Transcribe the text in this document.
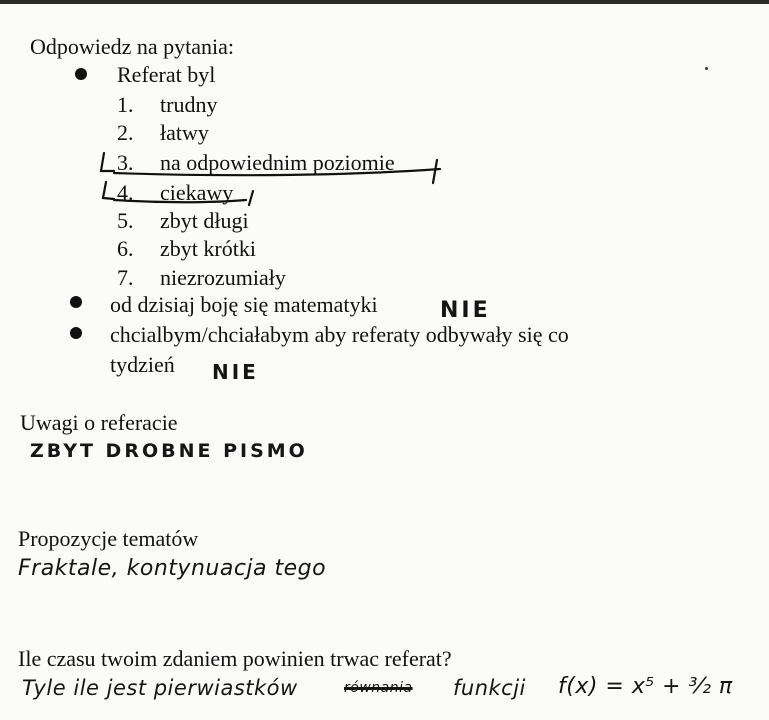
Odpowiedz na pytania:
Referat byl
1. trudny
2. łatwy
3. na odpowiednim poziomie
4. ciekawy
5. zbyt długi
6. zbyt krótki
7. niezrozumiały
od dzisiaj boję się matematyki	NIE
chcialbym/chciałabym aby referaty odbywały się co
tydzień NIE
Uwagi o referacie
ZBYT DROBNE PISMO
Propozycje tematów
Fraktale, kontynuacja tego
Ile czasu twoim zdaniem powinien trwac referat?
Tyle ile jest pierwiastków	równania funkcji f(x) = x⁵ + ³⁄₂ π
